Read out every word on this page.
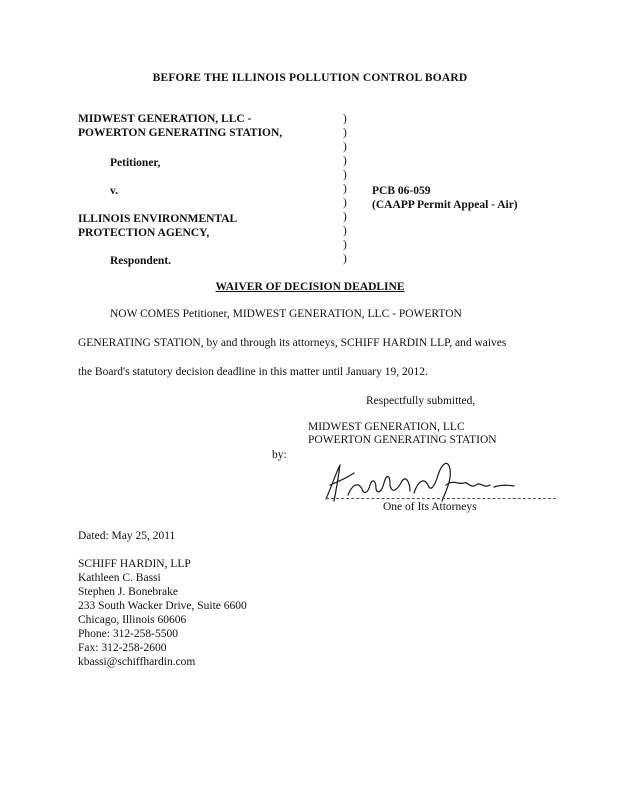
BEFORE THE ILLINOIS POLLUTION CONTROL BOARD
MIDWEST GENERATION, LLC -
POWERTON GENERATING STATION,
Petitioner,
v.
ILLINOIS ENVIRONMENTAL
PROTECTION AGENCY,
Respondent.
)
)
)
)
)
)
)
)
)
)
)
PCB 06-059
(CAAPP Permit Appeal - Air)
WAIVER OF DECISION DEADLINE
NOW COMES Petitioner, MIDWEST GENERATION, LLC - POWERTON
GENERATING STATION, by and through its attorneys, SCHIFF HARDIN LLP, and waives
the Board's statutory decision deadline in this matter until January 19, 2012.
Respectfully submitted,
MIDWEST GENERATION, LLC
POWERTON GENERATING STATION
by:
One of Its Attorneys
Dated: May 25, 2011
SCHIFF HARDIN, LLP
Kathleen C. Bassi
Stephen J. Bonebrake
233 South Wacker Drive, Suite 6600
Chicago, Illinois 60606
Phone: 312-258-5500
Fax: 312-258-2600
kbassi@schiffhardin.com
